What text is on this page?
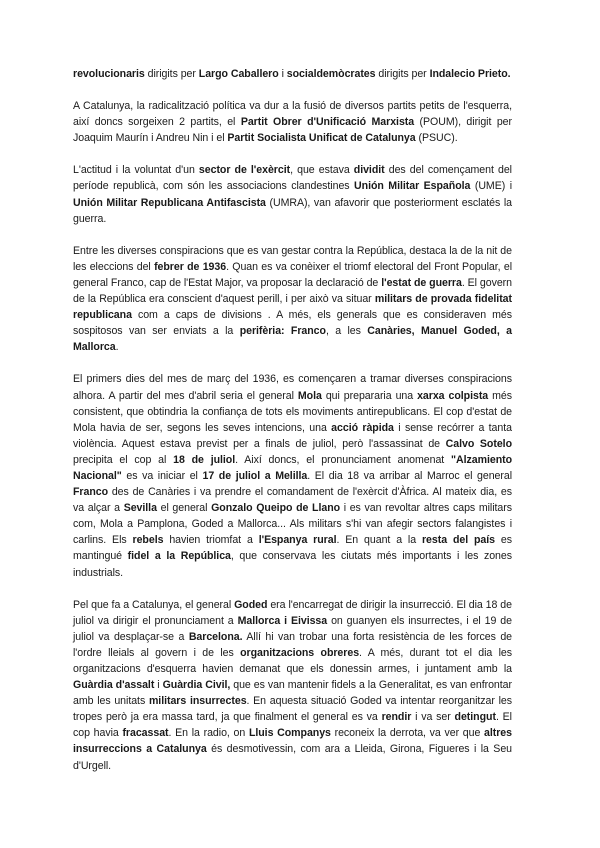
revolucionaris dirigits per Largo Caballero i socialdemòcrates dirigits per Indalecio Prieto.

A Catalunya, la radicalització política va dur a la fusió de diversos partits petits de l'esquerra, així doncs sorgeixen 2 partits, el Partit Obrer d'Unificació Marxista (POUM), dirigit per Joaquim Maurín i Andreu Nin i el Partit Socialista Unificat de Catalunya (PSUC).

L'actitud i la voluntat d'un sector de l'exèrcit, que estava dividit des del començament del període republicà, com són les associacions clandestines Unión Militar Española (UME) i Unión Militar Republicana Antifascista (UMRA), van afavorir que posteriorment esclatés la guerra.

Entre les diverses conspiracions que es van gestar contra la República, destaca la de la nit de les eleccions del febrer de 1936. Quan es va conèixer el triomf electoral del Front Popular, el general Franco, cap de l'Estat Major, va proposar la declaració de l'estat de guerra. El govern de la República era conscient d'aquest perill, i per això va situar militars de provada fidelitat republicana com a caps de divisions . A més, els generals que es consideraven més sospitosos van ser enviats a la perifèria: Franco, a les Canàries, Manuel Goded, a Mallorca.

El primers dies del mes de març del 1936, es començaren a tramar diverses conspiracions alhora. A partir del mes d'abril seria el general Mola qui prepararia una xarxa colpista més consistent, que obtindria la confiança de tots els moviments antirepublicans. El cop d'estat de Mola havia de ser, segons les seves intencions, una acció ràpida i sense recórrer a tanta violència. Aquest estava previst per a finals de juliol, però l'assassinat de Calvo Sotelo precipita el cop al 18 de juliol. Així doncs, el pronunciament anomenat "Alzamiento Nacional" es va iniciar el 17 de juliol a Melilla. El dia 18 va arribar al Marroc el general Franco des de Canàries i va prendre el comandament de l'exèrcit d'Àfrica. Al mateix dia, es va alçar a Sevilla el general Gonzalo Queipo de Llano i es van revoltar altres caps militars com, Mola a Pamplona, Goded a Mallorca... Als militars s'hi van afegir sectors falangistes i carlins. Els rebels havien triomfat a l'Espanya rural. En quant a la resta del país es mantingué fidel a la República, que conservava les ciutats més importants i les zones industrials.

Pel que fa a Catalunya, el general Goded era l'encarregat de dirigir la insurrecció. El dia 18 de juliol va dirigir el pronunciament a Mallorca i Eivissa on guanyen els insurrectes, i el 19 de juliol va desplaçar-se a Barcelona. Allí hi van trobar una forta resistència de les forces de l'ordre lleials al govern i de les organitzacions obreres. A més, durant tot el dia les organitzacions d'esquerra havien demanat que els donessin armes, i juntament amb la Guàrdia d'assalt i Guàrdia Civil, que es van mantenir fidels a la Generalitat, es van enfrontar amb les unitats militars insurrectes. En aquesta situació Goded va intentar reorganitzar les tropes però ja era massa tard, ja que finalment el general es va rendir i va ser detingut. El cop havia fracassat. En la radio, on Lluis Companys reconeix la derrota, va ver que altres insurreccions a Catalunya és desmotivessin, com ara a Lleida, Girona, Figueres i la Seu d'Urgell.
